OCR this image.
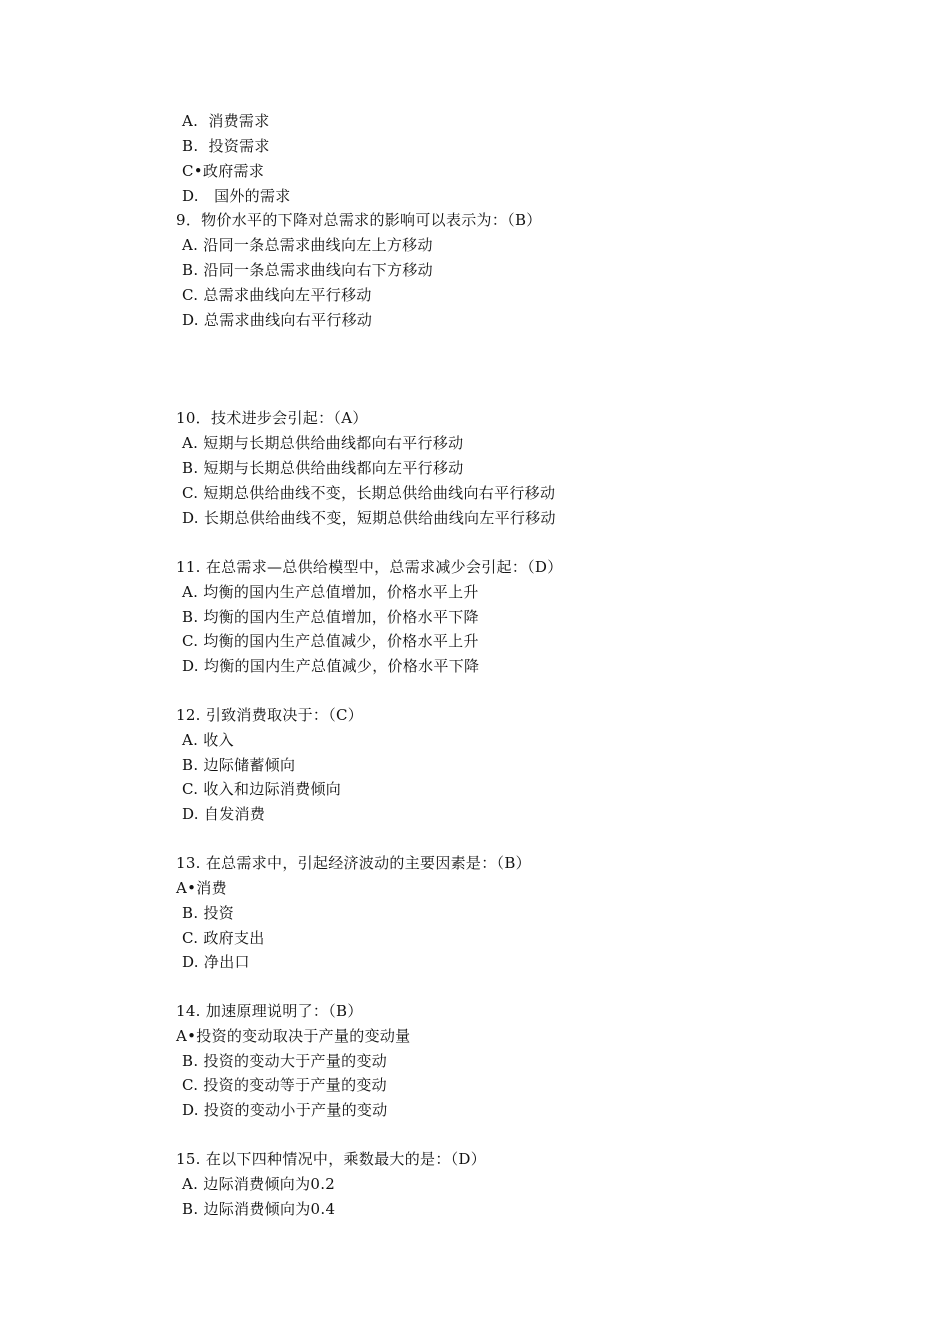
A.  消费需求
B.  投资需求
C•政府需求
D.   国外的需求
9．物价水平的下降对总需求的影响可以表示为：（B）
A. 沿同一条总需求曲线向左上方移动
B. 沿同一条总需求曲线向右下方移动
C. 总需求曲线向左平行移动
D. 总需求曲线向右平行移动
10．技术进步会引起：（A）
A. 短期与长期总供给曲线都向右平行移动
B. 短期与长期总供给曲线都向左平行移动
C. 短期总供给曲线不变，长期总供给曲线向右平行移动
D. 长期总供给曲线不变，短期总供给曲线向左平行移动
11. 在总需求—总供给模型中，总需求减少会引起：（D）
A. 均衡的国内生产总值增加，价格水平上升
B. 均衡的国内生产总值增加，价格水平下降
C. 均衡的国内生产总值减少，价格水平上升
D. 均衡的国内生产总值减少，价格水平下降
12. 引致消费取决于：（C）
A. 收入
B. 边际储蓄倾向
C. 收入和边际消费倾向
D. 自发消费
13. 在总需求中，引起经济波动的主要因素是：（B）
A•消费
B. 投资
C. 政府支出
D. 净出口
14. 加速原理说明了：（B）
A•投资的变动取决于产量的变动量
B. 投资的变动大于产量的变动
C. 投资的变动等于产量的变动
D. 投资的变动小于产量的变动
15. 在以下四种情况中，乘数最大的是：（D）
A. 边际消费倾向为0.2
B. 边际消费倾向为0.4
